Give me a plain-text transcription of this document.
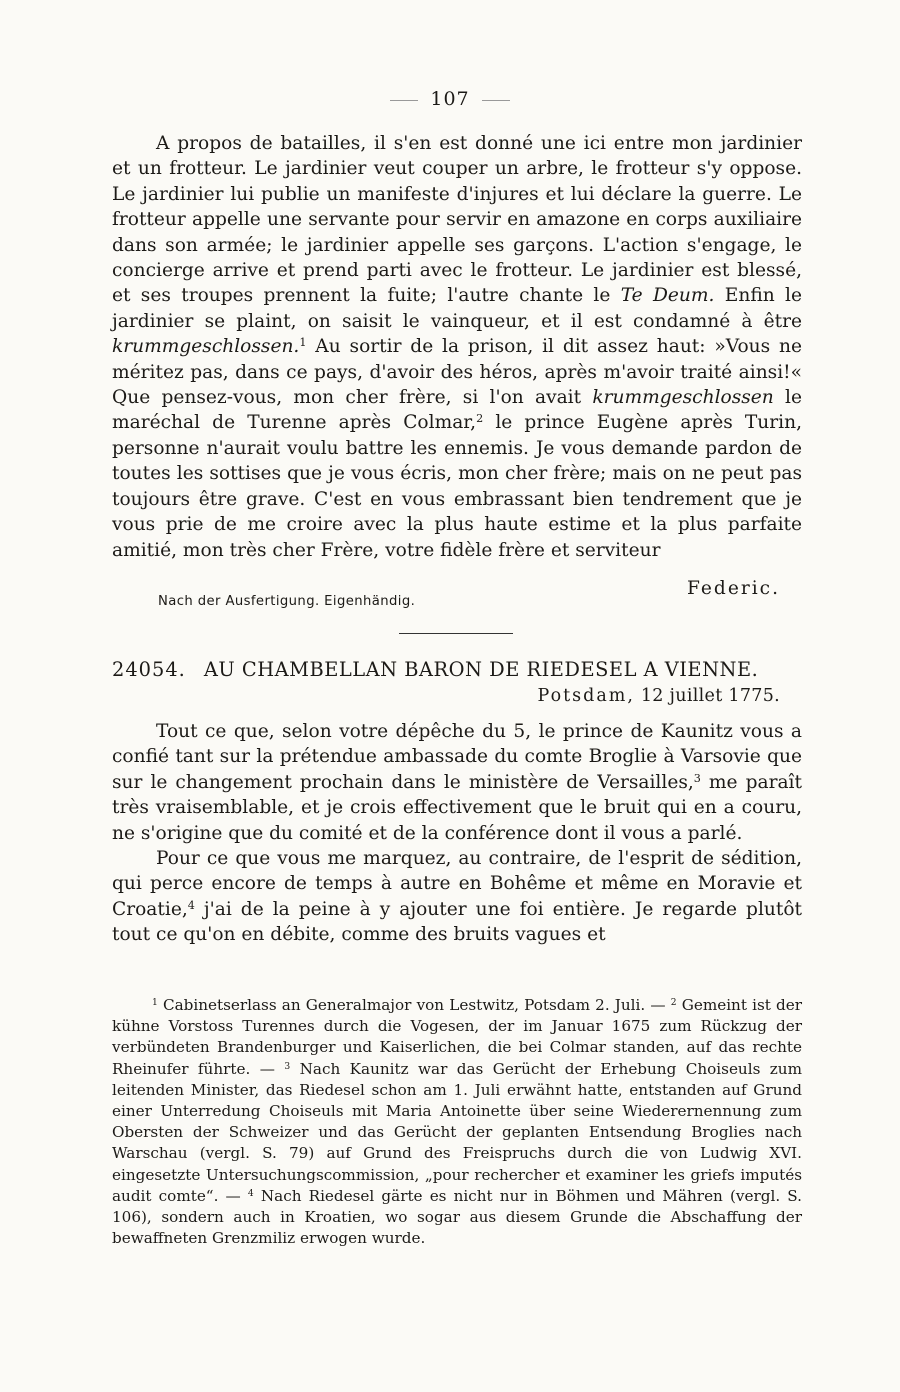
107

A propos de batailles, il s'en est donné une ici entre mon jardinier et un frotteur. Le jardinier veut couper un arbre, le frotteur s'y oppose. Le jardinier lui publie un manifeste d'injures et lui déclare la guerre. Le frotteur appelle une servante pour servir en amazone en corps auxiliaire dans son armée; le jardinier appelle ses garçons. L'action s'engage, le concierge arrive et prend parti avec le frotteur. Le jardinier est blessé, et ses troupes prennent la fuite; l'autre chante le Te Deum. Enfin le jardinier se plaint, on saisit le vainqueur, et il est condamné à être krummgeschlossen.$^1$ Au sortir de la prison, il dit assez haut: »Vous ne méritez pas, dans ce pays, d'avoir des héros, après m'avoir traité ainsi!« Que pensez-vous, mon cher frère, si l'on avait krummgeschlossen le maréchal de Turenne après Colmar,$^2$ le prince Eugène après Turin, personne n'aurait voulu battre les ennemis. Je vous demande pardon de toutes les sottises que je vous écris, mon cher frère; mais on ne peut pas toujours être grave. C'est en vous embrassant bien tendrement que je vous prie de me croire avec la plus haute estime et la plus parfaite amitié, mon très cher Frère, votre fidèle frère et serviteur

Federic.
Nach der Ausfertigung. Eigenhändig.
24054. AU CHAMBELLAN BARON DE RIEDESEL A VIENNE.
Potsdam, 12 juillet 1775.

Tout ce que, selon votre dépêche du 5, le prince de Kaunitz vous a confié tant sur la prétendue ambassade du comte Broglie à Varsovie que sur le changement prochain dans le ministère de Versailles,$^3$ me paraît très vraisemblable, et je crois effectivement que le bruit qui en a couru, ne s'origine que du comité et de la conférence dont il vous a parlé.

Pour ce que vous me marquez, au contraire, de l'esprit de sédition, qui perce encore de temps à autre en Bohême et même en Moravie et Croatie,$^4$ j'ai de la peine à y ajouter une foi entière. Je regarde plutôt tout ce qu'on en débite, comme des bruits vagues et

$^1$ Cabinetserlass an Generalmajor von Lestwitz, Potsdam 2. Juli. — $^2$ Gemeint ist der kühne Vorstoss Turennes durch die Vogesen, der im Januar 1675 zum Rückzug der verbündeten Brandenburger und Kaiserlichen, die bei Colmar standen, auf das rechte Rheinufer führte. — $^3$ Nach Kaunitz war das Gerücht der Erhebung Choiseuls zum leitenden Minister, das Riedesel schon am 1. Juli erwähnt hatte, entstanden auf Grund einer Unterredung Choiseuls mit Maria Antoinette über seine Wiederernennung zum Obersten der Schweizer und das Gerücht der geplanten Entsendung Broglies nach Warschau (vergl. S. 79) auf Grund des Freispruchs durch die von Ludwig XVI. eingesetzte Untersuchungscommission, „pour rechercher et examiner les griefs imputés audit comte“. — $^4$ Nach Riedesel gärte es nicht nur in Böhmen und Mähren (vergl. S. 106), sondern auch in Kroatien, wo sogar aus diesem Grunde die Abschaffung der bewaffneten Grenzmiliz erwogen wurde.
